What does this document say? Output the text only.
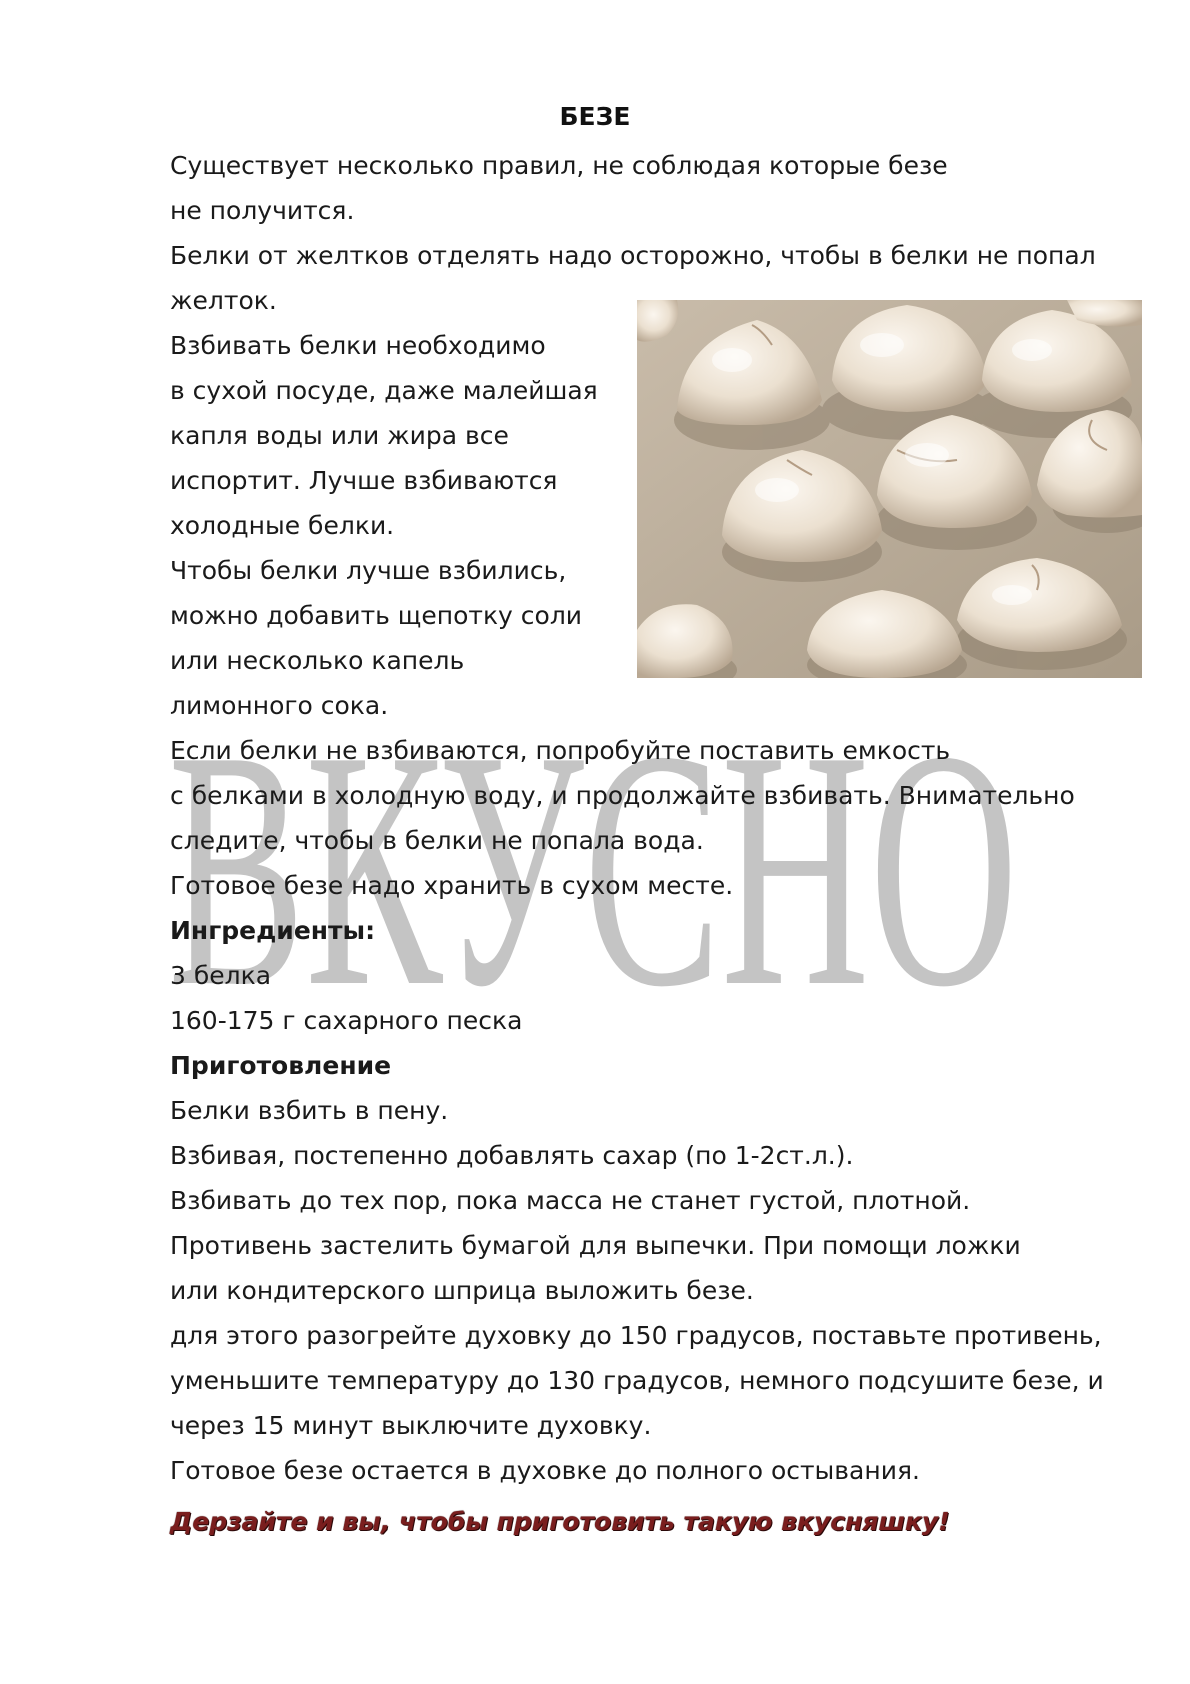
ВКУСНО
БЕЗЕ
Существует несколько правил, не соблюдая которые безе
не получится.
Белки от желтков отделять надо осторожно, чтобы в белки не попал
желток.
Взбивать белки необходимо
в сухой посуде, даже малейшая
капля воды или жира все
испортит. Лучше взбиваются
холодные белки.
Чтобы белки лучше взбились,
можно добавить щепотку соли
или несколько капель
лимонного сока.
Если белки не взбиваются, попробуйте поставить емкость
с белками в холодную воду, и продолжайте взбивать. Внимательно
следите, чтобы в белки не попала вода.
Готовое безе надо хранить в сухом месте.
Ингредиенты:
3 белка
160-175 г сахарного песка
Приготовление
Белки взбить в пену.
Взбивая, постепенно добавлять сахар (по 1-2ст.л.).
Взбивать до тех пор, пока масса не станет густой, плотной.
Противень застелить бумагой для выпечки. При помощи ложки
или кондитерского шприца выложить безе.
для этого разогрейте духовку до 150 градусов, поставьте противень,
уменьшите температуру до 130 градусов, немного подсушите безе, и
через 15 минут выключите духовку.
Готовое безе остается в духовке до полного остывания.
Дерзайте и вы, чтобы приготовить такую вкусняшку!
